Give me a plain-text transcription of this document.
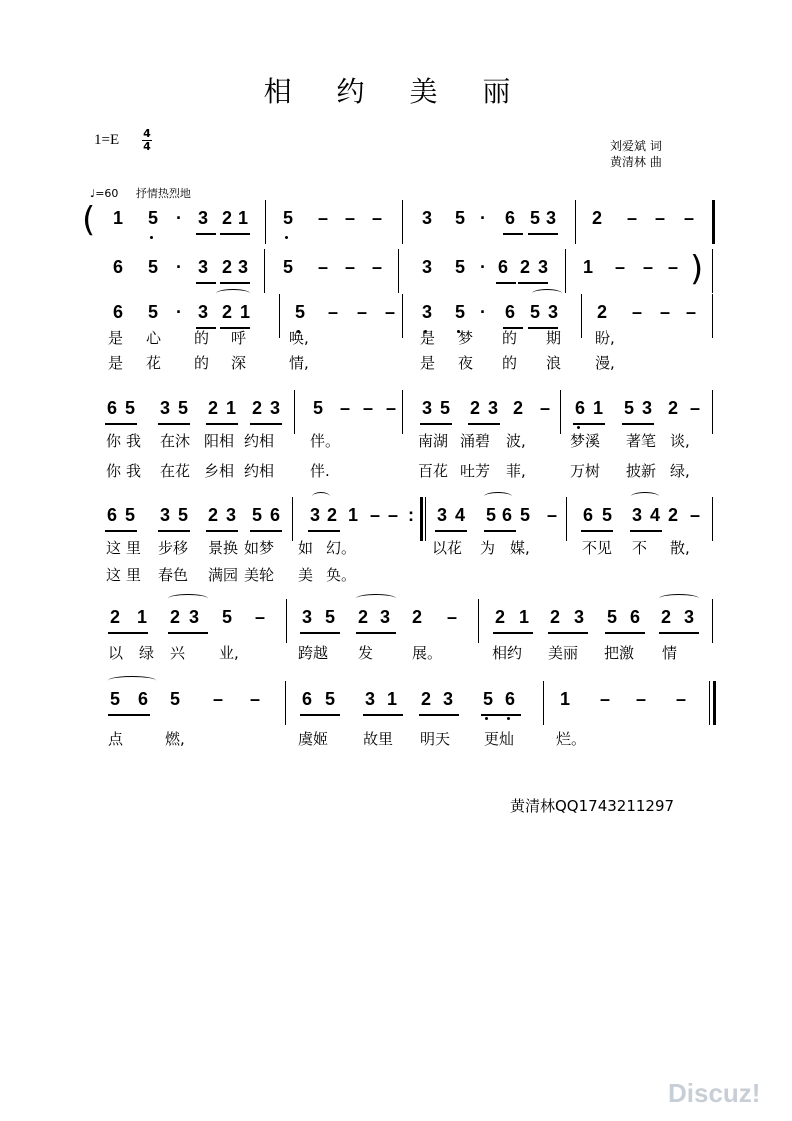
相 约 美 丽
1=E 4
4	刘爱斌 词
黄清林 曲
♩=60 抒情热烈地
1 5 · 3 2 1 5 – – – 3 5 · 6 5 3 2 – – –
(
6 5 · 3 2 3 5 – – – 3 5 · 6 2 3 1 – – – )
6 5 · 3 2 1 5 – – – 3 5 · 6 5 3 2 – – –
6 5 3 5 2 1 2 3 5 – – – 3 5 2 3 2 – 6 1 5 3 2 –
6 5 3 5 2 3 5 6 3 2 1 – – 3 4 5 6 5 – 6 5 3 4 2 –
:
2 1 2 3 5 – 3 5 2 3 2 – 2 1 2 3 5 6 2 3
5 6 5 – – 6 5 3 1 2 3 5 6 1 – – –
是 心 的 呼	唤,	是 梦 的 期 盼,
是 花 的 深	情,	是 夜 的 浪 漫,
你 我 在沐 阳相 约相 伴。	南湖 涌碧 波,	梦溪 著笔 谈,
你 我 在花 乡相 约相 伴.	百花 吐芳 菲,	万树 披新 绿,
这 里 步移 景换 如梦 如 幻。	以花 为 媒,	不见 不 散,
这 里 春色 满园 美轮 美 奂。
以 绿 兴 业,	跨越 发	展。	相约 美丽 把激 情
点	燃,	虞姬 故里 明天 更灿	烂。
黄清林QQ1743211297
Discuz!
